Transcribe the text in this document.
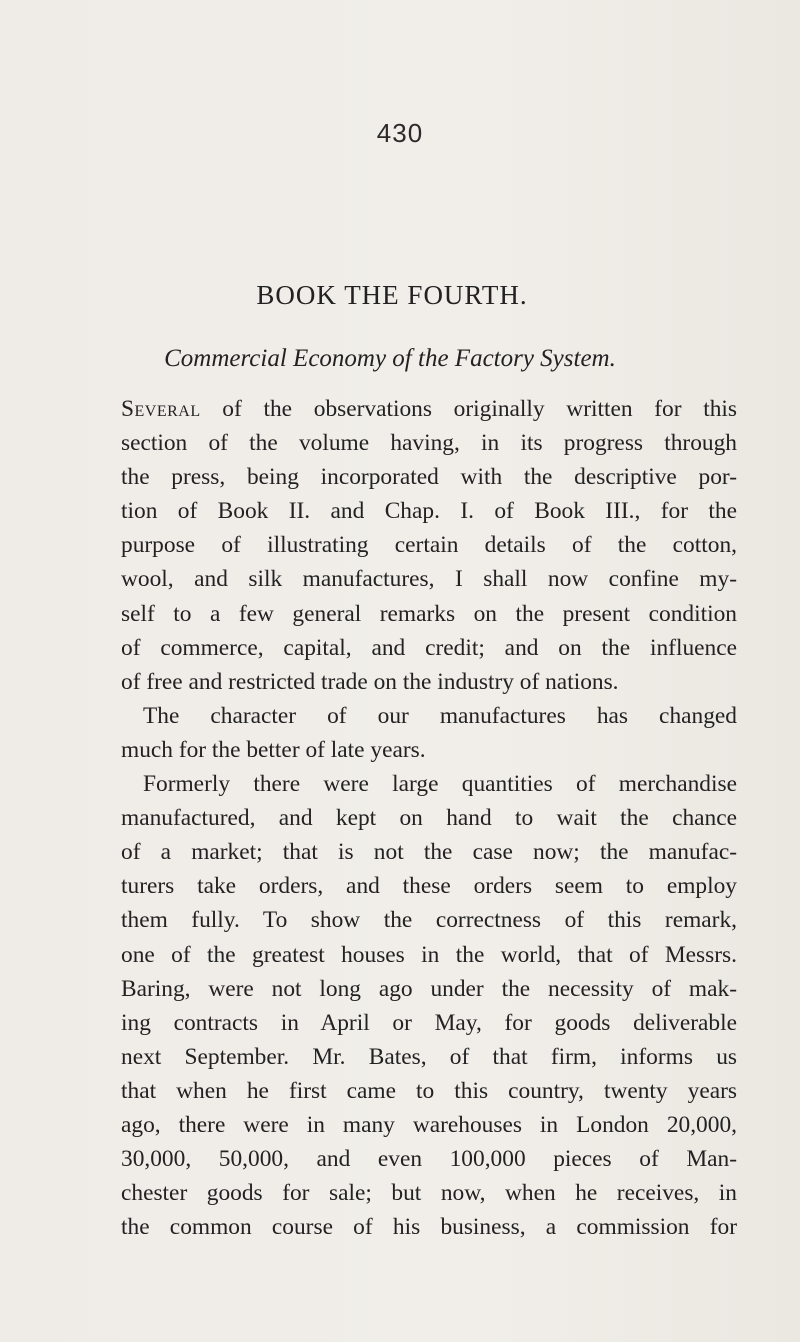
430
BOOK THE FOURTH.
Commercial Economy of the Factory System.
Several of the observations originally written for this
section of the volume having, in its progress through
the press, being incorporated with the descriptive por-
tion of Book II. and Chap. I. of Book III., for the
purpose of illustrating certain details of the cotton,
wool, and silk manufactures, I shall now confine my-
self to a few general remarks on the present condition
of commerce, capital, and credit; and on the influence
of free and restricted trade on the industry of nations.
The character of our manufactures has changed
much for the better of late years.
Formerly there were large quantities of merchandise
manufactured, and kept on hand to wait the chance
of a market; that is not the case now; the manufac-
turers take orders, and these orders seem to employ
them fully. To show the correctness of this remark,
one of the greatest houses in the world, that of Messrs.
Baring, were not long ago under the necessity of mak-
ing contracts in April or May, for goods deliverable
next September. Mr. Bates, of that firm, informs us
that when he first came to this country, twenty years
ago, there were in many warehouses in London 20,000,
30,000, 50,000, and even 100,000 pieces of Man-
chester goods for sale; but now, when he receives, in
the common course of his business, a commission for
